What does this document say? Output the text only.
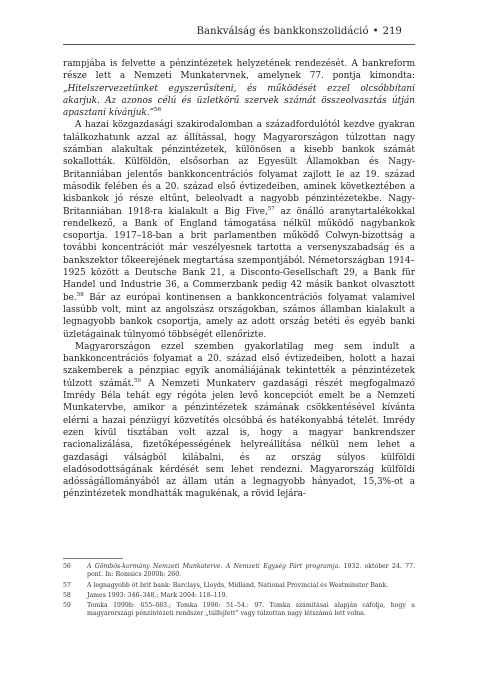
Bankválság és bankkonszolidáció • 219

rampjába is felvette a pénzintézetek helyzetének rendezését. A bankreform része lett a Nemzeti Munkatervnek, amelynek 77. pontja kimondta: „Hitelszervezetünket egyszerűsíteni, és működését ezzel olcsóbbítani akarjuk. Az azonos célú és üzletkörű szervek számát összeolvasztás útján apasztani kívánjuk.”$^{56}$

A hazai közgazdasági szakirodalomban a századfordulótól kezdve gyakran találkozhatunk azzal az állítással, hogy Magyarországon túlzottan nagy számban alakultak pénzintézetek, különösen a kisebb bankok számát sokallották. Külföldön, elsősorban az Egyesült Államokban és Nagy-Britanniában jelentős bankkoncentrációs folyamat zajlott le az 19. század második felében és a 20. század első évtizedeiben, aminek következtében a kisbankok jó része eltűnt, beleolvadt a nagyobb pénzintézetekbe. Nagy-Britanniában 1918-ra kialakult a Big Five,$^{57}$ az önálló aranytartalékokkal rendelkező, a Bank of England támogatása nélkül működő nagybankok csoportja. 1917–18-ban a brit parlamentben működő Colwyn-bizottság a további koncentrációt már veszélyesnek tartotta a versenyszabadság és a bankszektor tőkeerejének megtartása szempontjából. Németországban 1914–1925 között a Deutsche Bank 21, a Disconto-Gesellschaft 29, a Bank für Handel und Industrie 36, a Commerzbank pedig 42 másik bankot olvasztott be.$^{58}$ Bár az európai kontinensen a bankkoncentrációs folyamat valamivel lassúbb volt, mint az angolszász országokban, számos államban kialakult a legnagyobb bankok csoportja, amely az adott ország betéti és egyéb banki üzletágainak túlnyomó többségét ellenőrizte.

Magyarországon ezzel szemben gyakorlatilag meg sem indult a bankkoncentrációs folyamat a 20. század első évtizedeiben, holott a hazai szakemberek a pénzpiac egyik anomáliájának tekintették a pénzintézetek túlzott számát.$^{59}$ A Nemzeti Munkaterv gazdasági részét megfogalmazó Imrédy Béla tehát egy régóta jelen levő koncepciót emelt be a Nemzeti Munkatervbe, amikor a pénzintézetek számának csökkentésével kívánta elérni a hazai pénzügyi közvetítés olcsóbbá és hatékonyabbá tételét. Imrédy ezen kívül tisztában volt azzal is, hogy a magyar bankrendszer racionalizálása, fizetőképességének helyreállítása nélkül nem lehet a gazdasági válságból kilábalni, és az ország súlyos külföldi eladósodottságának kérdését sem lehet rendezni. Magyarország külföldi adósságállományából az állam után a legnagyobb hányadot, 15,3%-ot a pénzintézetek mondhatták magukénak, a rövid lejára-

56	A Gömbös-kormány Nemzeti Munkaterve. A Nemzeti Egység Párt programja. 1932. október 24. 77. pont. In: Romsics 2000b: 260.
57	A legnagyobb öt brit bank: Barclays, Lloyds, Midland, National Provincial és Westminster Bank.
58	James 1993: 346–348.; Mark 2004: 118–119.
59	Tomka 1999b: 655–683.; Tomka 1996: 51–54.: 97. Tomka számításai alapján cáfolja, hogy a magyarországi pénzintézeti rendszer „túlfejlett” vagy túlzottan nagy létszámú lett volna.
